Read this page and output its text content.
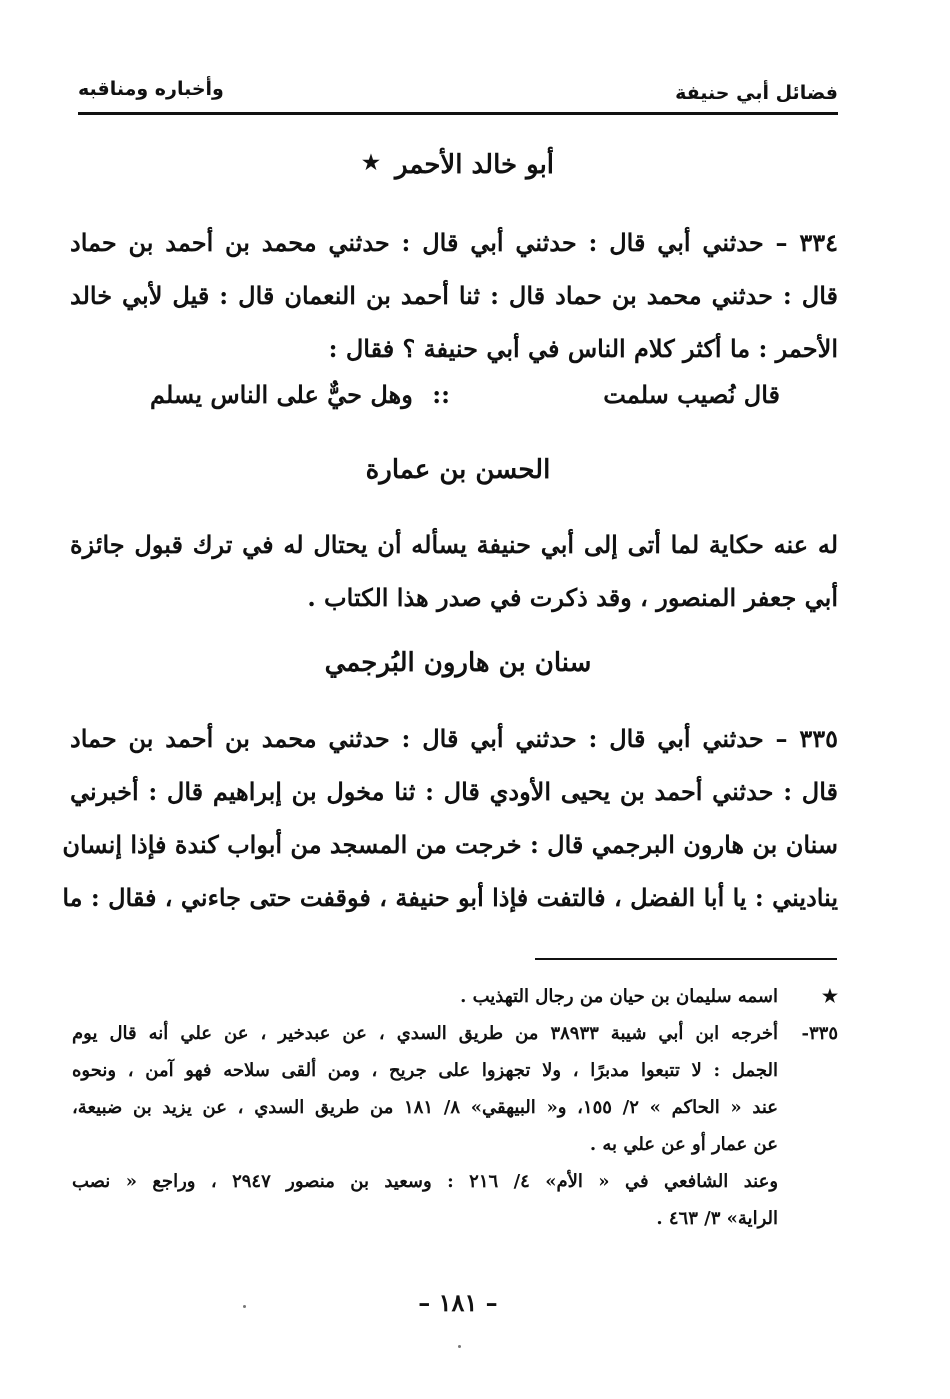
فضائل أبي حنيفة
وأخباره ومناقبه
أبو خالد الأحمر ★
٣٣٤ – حدثني أبي قال : حدثني أبي قال : حدثني محمد بن أحمد بن حماد
قال : حدثني محمد بن حماد قال : ثنا أحمد بن النعمان قال : قيل لأبي خالد
الأحمر : ما أكثر كلام الناس في أبي حنيفة ؟ فقال :
قال نُصيب سلمت
::
وهل حيٌّ على الناس يسلم
الحسن بن عمارة
له عنه حكاية لما أتى إلى أبي حنيفة يسأله أن يحتال له في ترك قبول جائزة
أبي جعفر المنصور ، وقد ذكرت في صدر هذا الكتاب .
سنان بن هارون البُرجمي
٣٣٥ – حدثني أبي قال : حدثني أبي قال : حدثني محمد بن أحمد بن حماد
قال : حدثني أحمد بن يحيى الأودي قال : ثنا مخول بن إبراهيم قال : أخبرني
سنان بن هارون البرجمي قال : خرجت من المسجد من أبواب كندة فإذا إنسان
يناديني : يا أبا الفضل ، فالتفت فإذا أبو حنيفة ، فوقفت حتى جاءني ، فقال : ما
★
اسمه سليمان بن حيان من رجال التهذيب .
٣٣٥-
أخرجه ابن أبي شيبة ٣٨٩٣٣ من طريق السدي ، عن عبدخير ، عن علي أنه قال يوم
الجمل : لا تتبعوا مدبرًا ، ولا تجهزوا على جريح ، ومن ألقى سلاحه فهو آمن ، ونحوه
عند « الحاكم » ٢/ ١٥٥، و« البيهقي» ٨/ ١٨١ من طريق السدي ، عن يزيد بن ضبيعة،
عن عمار أو عن علي به .
وعند الشافعي في « الأم» ٤/ ٢١٦ : وسعيد بن منصور ٢٩٤٧ ، وراجع « نصب
الراية» ٣/ ٤٦٣ .
– ١٨١ –
